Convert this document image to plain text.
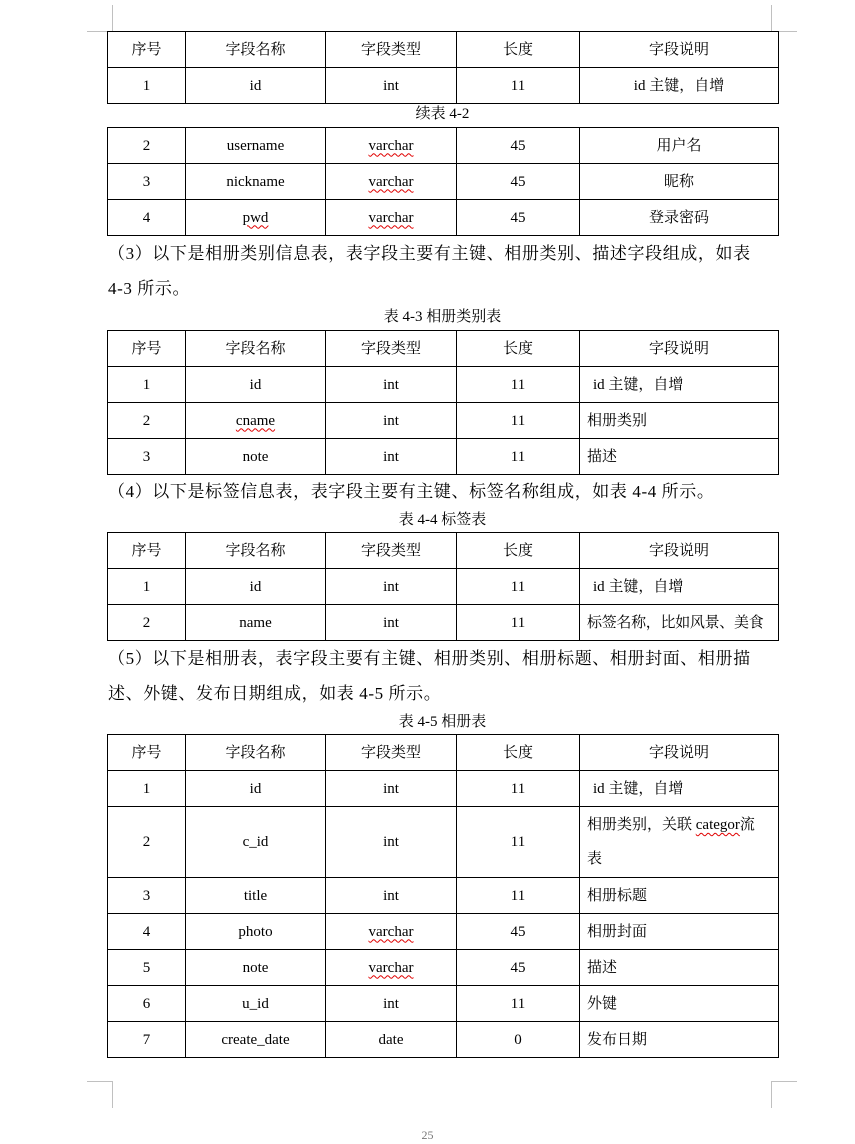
序号	字段名称	字段类型	长度	字段说明
1	id	int	11	id 主键，自增
续表 4-2
2	username	varchar	45	用户名
3	nickname	varchar	45	昵称
4	pwd	varchar	45	登录密码
（3）以下是相册类别信息表，表字段主要有主键、相册类别、描述字段组成，如表
4-3 所示。
表 4-3 相册类别表
序号	字段名称	字段类型	长度	字段说明
1	id	int	11	id 主键，自增
2	cname	int	11	相册类别
3	note	int	11	描述
（4）以下是标签信息表，表字段主要有主键、标签名称组成，如表 4-4 所示。
表 4-4 标签表
序号	字段名称	字段类型	长度	字段说明
1	id	int	11	id 主键，自增
2	name	int	11	标签名称，比如风景、美食
（5）以下是相册表，表字段主要有主键、相册类别、相册标题、相册封面、相册描
述、外键、发布日期组成，如表 4-5 所示。
表 4-5 相册表
序号	字段名称	字段类型	长度	字段说明
1	id	int	11	id 主键，自增
2	c_id	int	11	相册类别，关联 categor流
表

3	title	int	11	相册标题
4	photo	varchar	45	相册封面
5	note	varchar	45	描述
6	u_id	int	11	外键
7	create_date	date	0	发布日期
25
